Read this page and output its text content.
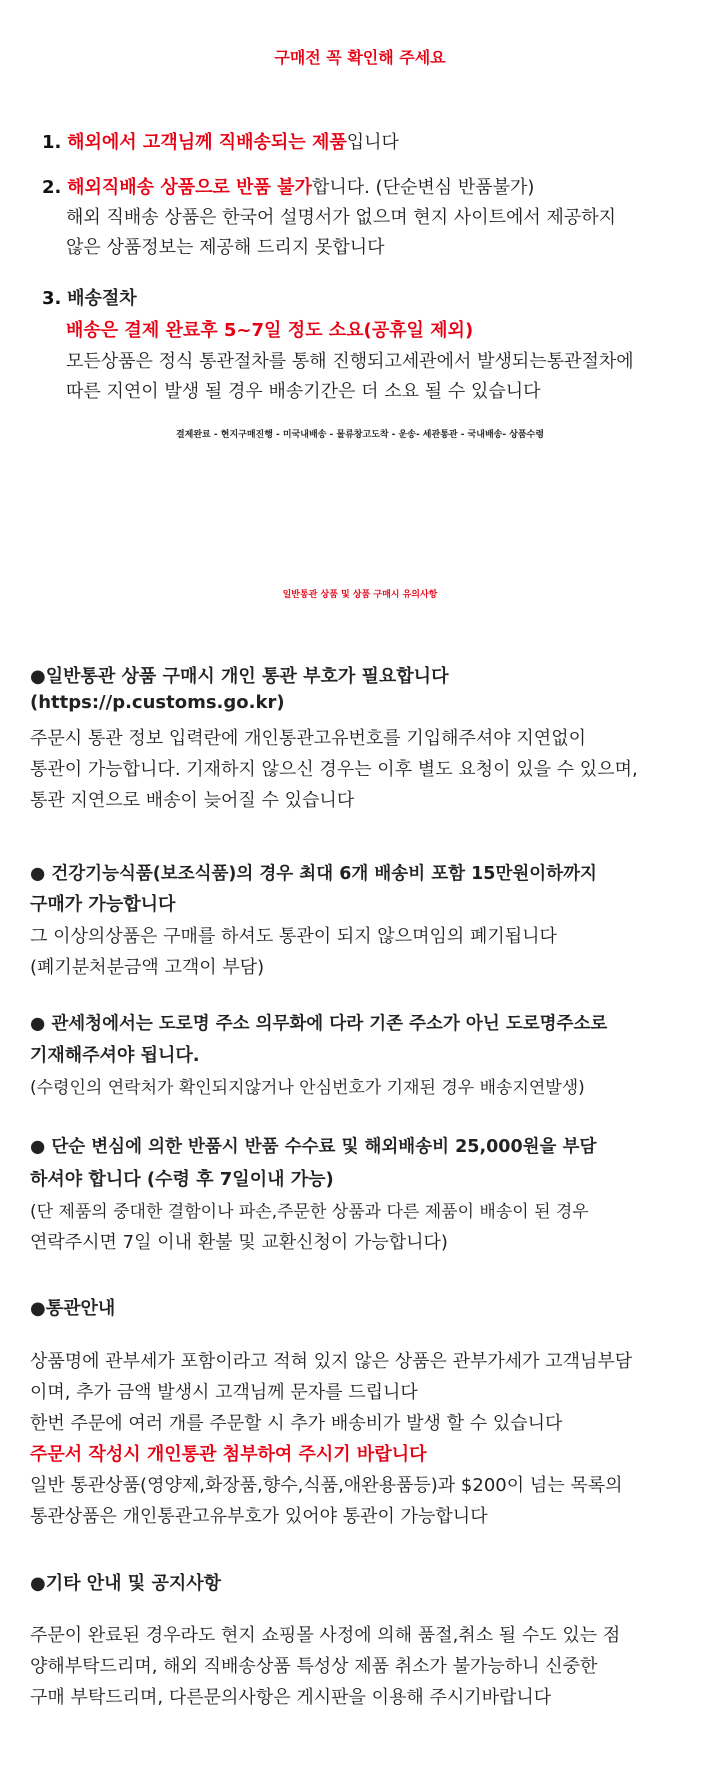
구매전 꼭 확인해 주세요
1. 해외에서 고객님께 직배송되는 제품입니다
2. 해외직배송 상품으로 반품 불가합니다. (단순변심 반품불가)
해외 직배송 상품은 한국어 설명서가 없으며 현지 사이트에서 제공하지
않은 상품정보는 제공해 드리지 못합니다
3. 배송절차
배송은 결제 완료후 5~7일 정도 소요(공휴일 제외)
모든상품은 정식 통관절차를 통해 진행되고세관에서 발생되는통관절차에
따른 지연이 발생 될 경우 배송기간은 더 소요 될 수 있습니다
결제완료 - 현지구매진행 - 미국내배송 - 물류창고도착 - 운송- 세관통관 - 국내배송- 상품수령
일반통관 상품 및 상품 구매시 유의사항
●일반통관 상품 구매시 개인 통관 부호가 필요합니다
(https://p.customs.go.kr)
주문시 통관 정보 입력란에 개인통관고유번호를 기입해주셔야 지연없이
통관이 가능합니다. 기재하지 않으신 경우는 이후 별도 요청이 있을 수 있으며,
통관 지연으로 배송이 늦어질 수 있습니다
● 건강기능식품(보조식품)의 경우 최대 6개 배송비 포함 15만원이하까지
구매가 가능합니다
그 이상의상품은 구매를 하셔도 통관이 되지 않으며임의 폐기됩니다
(폐기분처분금액 고객이 부담)
● 관세청에서는 도로명 주소 의무화에 다라 기존 주소가 아닌 도로명주소로
기재해주셔야 됩니다.
(수령인의 연락처가 확인되지않거나 안심번호가 기재된 경우 배송지연발생)
● 단순 변심에 의한 반품시 반품 수수료 및 해외배송비 25,000원을 부담
하셔야 합니다 (수령 후 7일이내 가능)
(단 제품의 중대한 결함이나 파손,주문한 상품과 다른 제품이 배송이 된 경우
연락주시면 7일 이내 환불 및 교환신청이 가능합니다)
●통관안내
상품명에 관부세가 포함이라고 적혀 있지 않은 상품은 관부가세가 고객님부담
이며, 추가 금액 발생시 고객님께 문자를 드립니다
한번 주문에 여러 개를 주문할 시 추가 배송비가 발생 할 수 있습니다
주문서 작성시 개인통관 첨부하여 주시기 바랍니다
일반 통관상품(영양제,화장품,향수,식품,애완용품등)과 $200이 넘는 목록의
통관상품은 개인통관고유부호가 있어야 통관이 가능합니다
●기타 안내 및 공지사항
주문이 완료된 경우라도 현지 쇼핑몰 사정에 의해 품절,취소 될 수도 있는 점
양해부탁드리며, 해외 직배송상품 특성상 제품 취소가 불가능하니 신중한
구매 부탁드리며, 다른문의사항은 게시판을 이용해 주시기바랍니다
